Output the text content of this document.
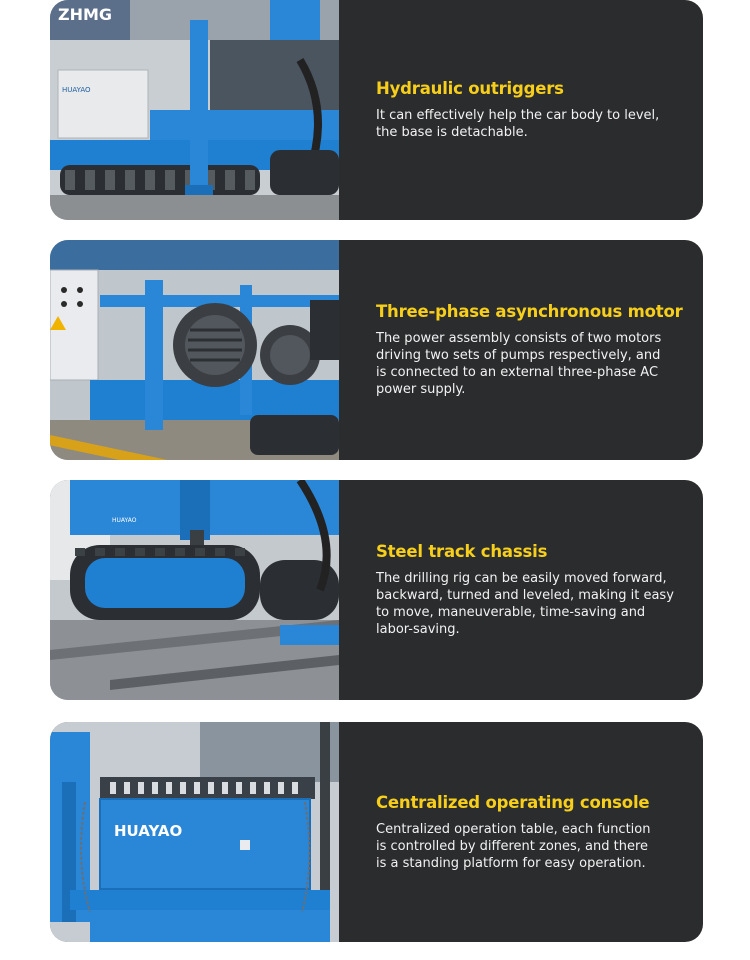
ZHMG
HUAYAO	Hydraulic outriggers
It can effectively help the car body to level,
the base is detachable.
Three-phase asynchronous motor
The power assembly consists of two motors
driving two sets of pumps respectively, and
is connected to an external three-phase AC
power supply.
HUAYAO
Steel track chassis
The drilling rig can be easily moved forward,
backward, turned and leveled, making it easy
to move, maneuverable, time-saving and
labor-saving.
HUAYAO
Centralized operating console
Centralized operation table, each function
is controlled by different zones, and there
is a standing platform for easy operation.
